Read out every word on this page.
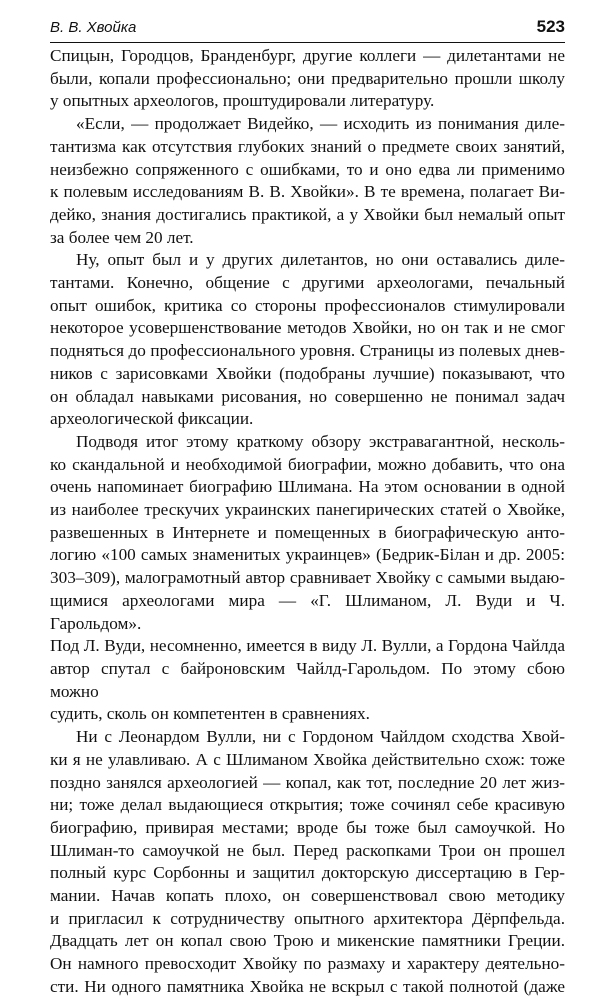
В. В. Хвойка	523

Спицын, Городцов, Бранденбург, другие коллеги — дилетантами не
были, копали профессионально; они предварительно прошли школу
у опытных археологов, проштудировали литературу.

«Если, — продолжает Видейко, — исходить из понимания диле-
тантизма как отсутствия глубоких знаний о предмете своих занятий,
неизбежно сопряженного с ошибками, то и оно едва ли применимо
к полевым исследованиям В. В. Хвойки». В те времена, полагает Ви-
дейко, знания достигались практикой, а у Хвойки был немалый опыт
за более чем 20 лет.

Ну, опыт был и у других дилетантов, но они оставались диле-
тантами. Конечно, общение с другими археологами, печальный
опыт ошибок, критика со стороны профессионалов стимулировали
некоторое усовершенствование методов Хвойки, но он так и не смог
подняться до профессионального уровня. Страницы из полевых днев-
ников с зарисовками Хвойки (подобраны лучшие) показывают, что
он обладал навыками рисования, но совершенно не понимал задач
археологической фиксации.

Подводя итог этому краткому обзору экстравагантной, несколь-
ко скандальной и необходимой биографии, можно добавить, что она
очень напоминает биографию Шлимана. На этом основании в одной
из наиболее трескучих украинских панегирических статей о Хвойке,
развешенных в Интернете и помещенных в биографическую анто-
логию «100 самых знаменитых украинцев» (Бедрик-Білан и др. 2005:
303–309), малограмотный автор сравнивает Хвойку с самыми выдаю-
щимися археологами мира — «Г. Шлиманом, Л. Вуди и Ч. Гарольдом».
Под Л. Вуди, несомненно, имеется в виду Л. Вулли, а Гордона Чайлда
автор спутал с байроновским Чайлд-Гарольдом. По этому сбою можно
судить, сколь он компетентен в сравнениях.

Ни с Леонардом Вулли, ни с Гордоном Чайлдом сходства Хвой-
ки я не улавливаю. А с Шлиманом Хвойка действительно схож: тоже
поздно занялся археологией — копал, как тот, последние 20 лет жиз-
ни; тоже делал выдающиеся открытия; тоже сочинял себе красивую
биографию, привирая местами; вроде бы тоже был самоучкой. Но
Шлиман-то самоучкой не был. Перед раскопками Трои он прошел
полный курс Сорбонны и защитил докторскую диссертацию в Гер-
мании. Начав копать плохо, он совершенствовал свою методику
и пригласил к сотрудничеству опытного архитектора Дёрпфельда.
Двадцать лет он копал свою Трою и микенские памятники Греции.
Он намного превосходит Хвойку по размаху и характеру деятельно-
сти. Ни одного памятника Хвойка не вскрыл с такой полнотой (даже
